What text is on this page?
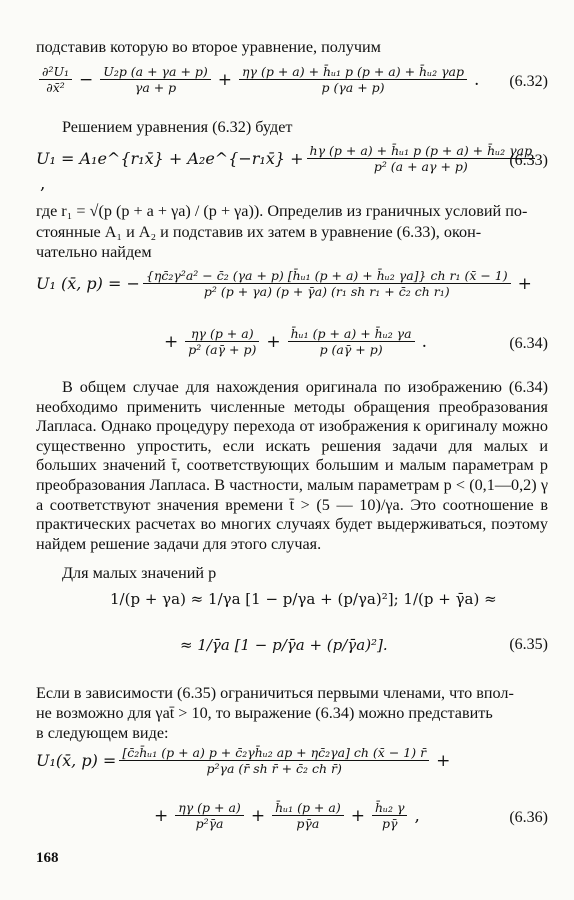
подставив которую во второе уравнение, получим
$\frac{\text{∂²U₁}}{\text{∂x̄²}} - \frac{\text{U₂p (a + γa + p)}}{\gamma a + p} + \frac{\text{ηγ (p + a) + h̄ᵤ₁ p (p + a) + h̄ᵤ₂ γap}}{p (\gamma a + p)}$ . (6.32)
Решением уравнения (6.32) будет
U₁ = A₁e^{r₁x̄} + A₂e^{−r₁x̄} + $\frac{\text{hγ (p + a) + h̄ᵤ₁ p (p + a) + h̄ᵤ₂ γap}}{\text{p² (a + aγ + p)}}$
,
(6.33)
где r₁ = √(p (p + a + γa) / (p + γa)). Определив из граничных условий по-
стоянные A₁ и A₂ и подставив их затем в уравнение (6.33), окон-
чательно найдем
U₁ (x̄, p) = − {ηc̄₂γ²a² − c̄₂ (γa + p) [h̄ᵤ₁ (p + a) + h̄ᵤ₂ γa]} ch r₁ (x̄ − 1)
p² (p + γa) (p + γ̄a) (r₁ sh r₁ + c̄₂ ch r₁)	+
+ $\frac{\eta\gamma (p + a)}{\text{p² (aγ̄ + p)}} + \frac{\text{h̄ᵤ₁ (p + a) + h̄ᵤ₂ γa}}{p (a\gammā + p)}$ .	(6.34)
В общем случае для нахождения оригинала по изображению (6.34) необходимо применить численные методы обращения преобразования Лапласа. Однако процедуру перехода от изображения к оригиналу можно существенно упростить, если искать решения задачи для малых и больших значений t̄, соответствующих большим и малым параметрам p преобразования Лапласа. В частности, малым параметрам p < (0,1—0,2) γ a соответствуют значения времени t̄ > (5 — 10)/γa. Это соотношение в практических расчетах во многих случаях будет выдерживаться, поэтому найдем решение задачи для этого случая.
Для малых значений p
1/(p + γa) ≈ 1/γa [1 − p/γa + (p/γa)²]; 1/(p + γ̄a) ≈
≈ 1/γ̄a [1 − p/γ̄a + (p/γ̄a)²].	(6.35)
Если в зависимости (6.35) ограничиться первыми членами, что впол-
не возможно для γat̄ > 10, то выражение (6.34) можно представить
в следующем виде:
U₁(x̄, $p) = \frac{\text{[c̄₂h̄ᵤ₁ (p + a) p + c̄₂γh̄ᵤ₂ ap + ηc̄₂γa] ch (x̄ − 1) r̄}}{\text{p²γa (r̄ sh r̄ + c̄₂ ch r̄)}}$ +
+ $\frac{\eta\gamma (p + a)}{\text{p²γ̄a}} + \frac{\text{h̄ᵤ₁ (p + a)}}{p\gammāa} + \frac{\text{h̄ᵤ₂ γ}}{p\gammā}$ ,	(6.36)
168
